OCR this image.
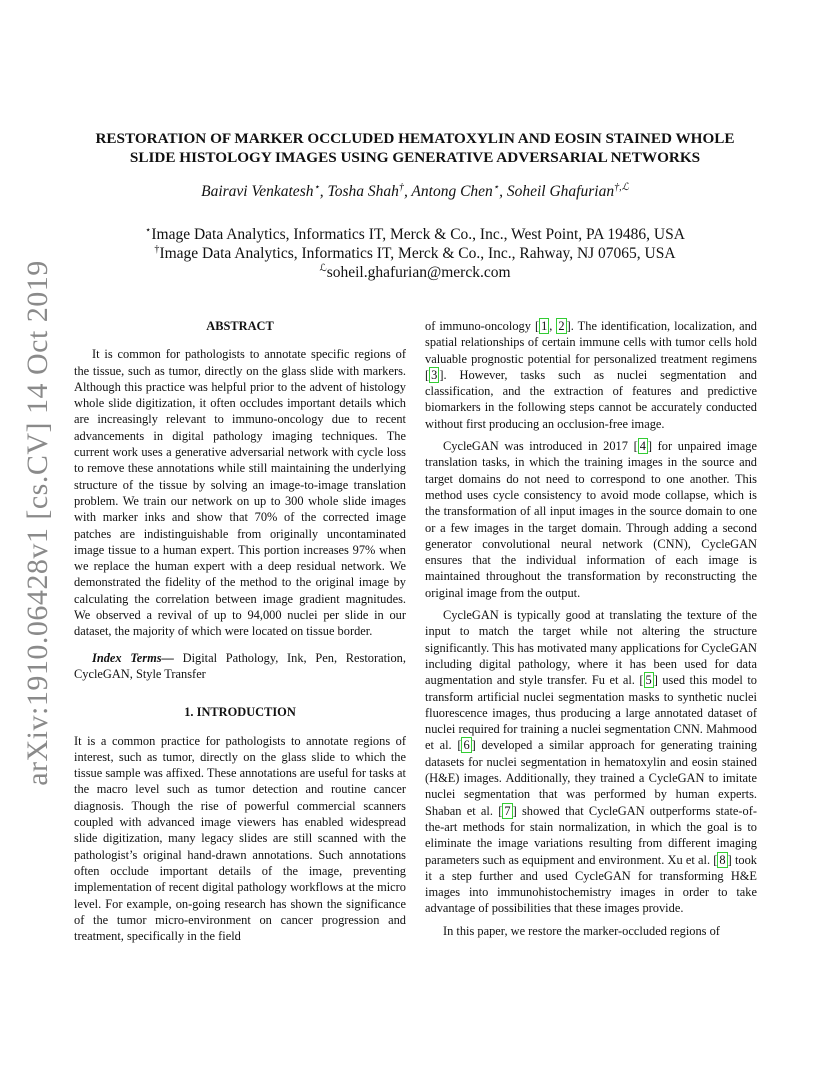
arXiv:1910.06428v1 [cs.CV] 14 Oct 2019
RESTORATION OF MARKER OCCLUDED HEMATOXYLIN AND EOSIN STAINED WHOLE
SLIDE HISTOLOGY IMAGES USING GENERATIVE ADVERSARIAL NETWORKS
Bairavi Venkatesh⋆, Tosha Shah†, Antong Chen⋆, Soheil Ghafurian$^{\dagger,ℒ}$
⋆Image Data Analytics, Informatics IT, Merck & Co., Inc., West Point, PA 19486, USA
†Image Data Analytics, Informatics IT, Merck & Co., Inc., Rahway, NJ 07065, USA
$^ℒ$soheil.ghafurian@merck.com
ABSTRACT

It is common for pathologists to annotate specific regions of the tissue, such as tumor, directly on the glass slide with markers. Although this practice was helpful prior to the advent of histology whole slide digitization, it often occludes important details which are increasingly relevant to immuno-oncology due to recent advancements in digital pathology imaging techniques. The current work uses a generative adversarial network with cycle loss to remove these annotations while still maintaining the underlying structure of the tissue by solving an image-to-image translation problem. We train our network on up to 300 whole slide images with marker inks and show that 70% of the corrected image patches are indistinguishable from originally uncontaminated image tissue to a human expert. This portion increases 97% when we replace the human expert with a deep residual network. We demonstrated the fidelity of the method to the original image by calculating the correlation between image gradient magnitudes. We observed a revival of up to 94,000 nuclei per slide in our dataset, the majority of which were located on tissue border.

Index Terms— Digital Pathology, Ink, Pen, Restoration, CycleGAN, Style Transfer
1. INTRODUCTION

It is a common practice for pathologists to annotate regions of interest, such as tumor, directly on the glass slide to which the tissue sample was affixed. These annotations are useful for tasks at the macro level such as tumor detection and routine cancer diagnosis. Though the rise of powerful commercial scanners coupled with advanced image viewers has enabled widespread slide digitization, many legacy slides are still scanned with the pathologist’s original hand-drawn annotations. Such annotations often occlude important details of the image, preventing implementation of recent digital pathology workflows at the micro level. For example, on-going research has shown the significance of the tumor micro-environment on cancer progression and treatment, specifically in the field

of immuno-oncology [ 1 , 2 ]. The identification, localization, and spatial relationships of certain immune cells with tumor cells hold valuable prognostic potential for personalized treatment regimens [ 3 ]. However, tasks such as nuclei segmentation and classification, and the extraction of features and predictive biomarkers in the following steps cannot be accurately conducted without first producing an occlusion-free image.

CycleGAN was introduced in 2017 [ 4 ] for unpaired image translation tasks, in which the training images in the source and target domains do not need to correspond to one another. This method uses cycle consistency to avoid mode collapse, which is the transformation of all input images in the source domain to one or a few images in the target domain. Through adding a second generator convolutional neural network (CNN), CycleGAN ensures that the individual information of each image is maintained throughout the transformation by reconstructing the original image from the output.

CycleGAN is typically good at translating the texture of the input to match the target while not altering the structure significantly. This has motivated many applications for CycleGAN including digital pathology, where it has been used for data augmentation and style transfer. Fu et al. [ 5 ] used this model to transform artificial nuclei segmentation masks to synthetic nuclei fluorescence images, thus producing a large annotated dataset of nuclei required for training a nuclei segmentation CNN. Mahmood et al. [ 6 ] developed a similar approach for generating training datasets for nuclei segmentation in hematoxylin and eosin stained (H&E) images. Additionally, they trained a CycleGAN to imitate nuclei segmentation that was performed by human experts. Shaban et al. [ 7 ] showed that CycleGAN outperforms state-of-the-art methods for stain normalization, in which the goal is to eliminate the image variations resulting from different imaging parameters such as equipment and environment. Xu et al. [ 8 ] took it a step further and used CycleGAN for transforming H&E images into immunohistochemistry images in order to take advantage of possibilities that these images provide.

In this paper, we restore the marker-occluded regions of
